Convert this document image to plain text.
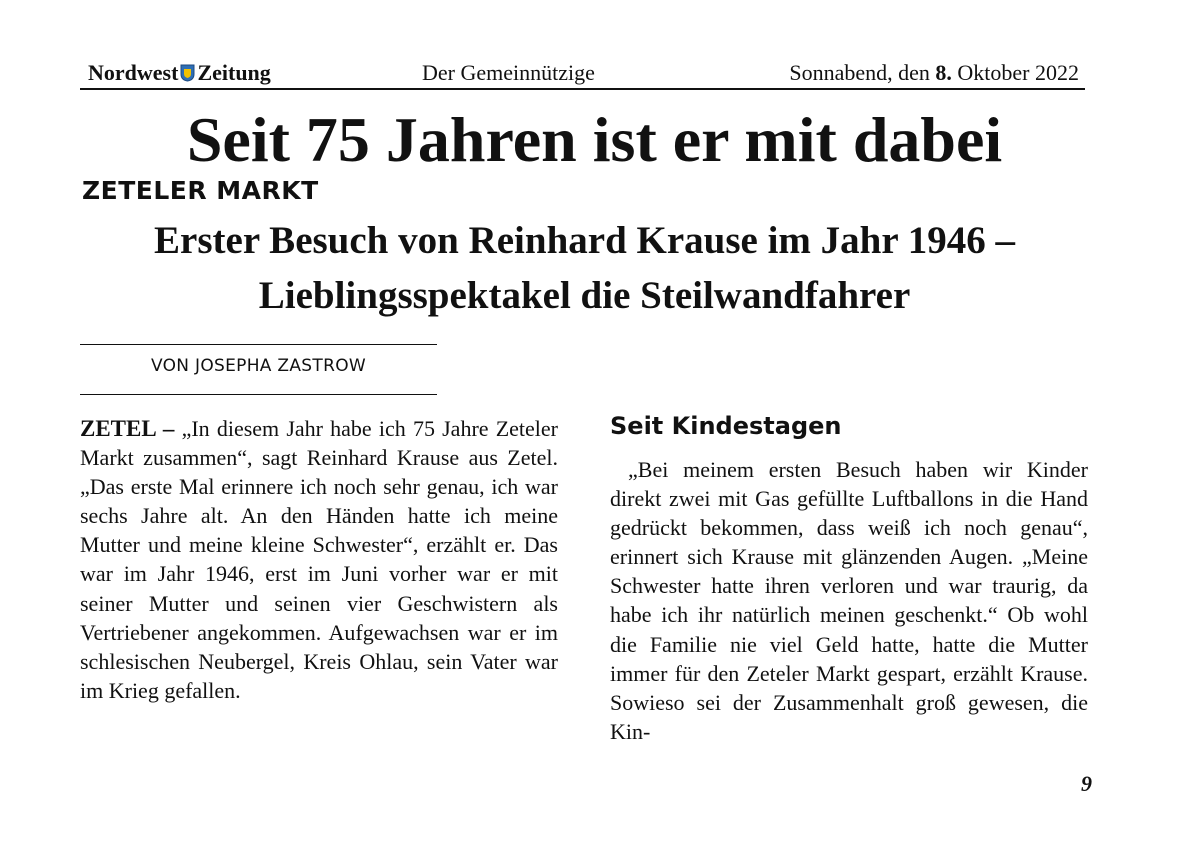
Nordwest Zeitung	Der Gemeinnützige	Sonnabend, den 8. Oktober 2022
Seit 75 Jahren ist er mit dabei
ZETELER MARKT
Erster Besuch von Reinhard Krause im Jahr 1946 –
Lieblingsspektakel die Steilwandfahrer
VON JOSEPHA ZASTROW
ZETEL – „In diesem Jahr habe ich 75 Jahre Zeteler Markt zusammen“, sagt Reinhard Krause aus Zetel. „Das erste Mal erinnere ich noch sehr genau, ich war sechs Jahre alt. An den Händen hatte ich meine Mutter und meine kleine Schwester“, erzählt er. Das war im Jahr 1946, erst im Juni vorher war er mit seiner Mutter und seinen vier Geschwistern als Vertriebener angekommen. Aufgewachsen war er im schlesischen Neubergel, Kreis Ohlau, sein Vater war im Krieg gefallen.
Seit Kindestagen
„Bei meinem ersten Besuch haben wir Kinder direkt zwei mit Gas gefüllte Luftballons in die Hand gedrückt bekommen, dass weiß ich noch genau“, erinnert sich Krause mit glänzenden Augen. „Meine Schwester hatte ihren verloren und war traurig, da habe ich ihr natürlich meinen geschenkt.“ Ob wohl die Familie nie viel Geld hatte, hatte die Mutter immer für den Zeteler Markt gespart, erzählt Krause. Sowieso sei der Zusammenhalt groß gewesen, die Kin-
9
